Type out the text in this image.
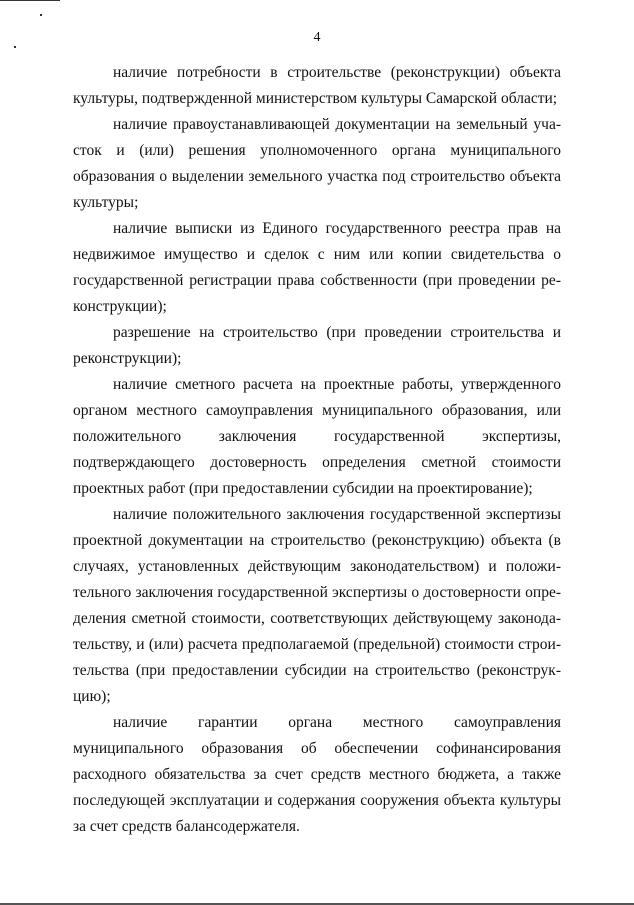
4

наличие потребности в строительстве (реконструкции) объекта культуры, подтвержденной министерством культуры Самарской области;

наличие правоустанавливающей документации на земельный участок и (или) решения уполномоченного органа муниципального образования о выделении земельного участка под строительство объекта культуры;

наличие выписки из Единого государственного реестра прав на недвижимое имущество и сделок с ним или копии свидетельства о государственной регистрации права собственности (при проведении реконструкции);

разрешение на строительство (при проведении строительства и реконструкции);

наличие сметного расчета на проектные работы, утвержденного органом местного самоуправления муниципального образования, или положительного заключения государственной экспертизы, подтверждающего достоверность определения сметной стоимости проектных работ (при предоставлении субсидии на проектирование);

наличие положительного заключения государственной экспертизы проектной документации на строительство (реконструкцию) объекта (в случаях, установленных действующим законодательством) и положительного заключения государственной экспертизы о достоверности определения сметной стоимости, соответствующих действующему законодательству, и (или) расчета предполагаемой (предельной) стоимости строительства (при предоставлении субсидии на строительство (реконструкцию);

наличие гарантии органа местного самоуправления муниципального образования об обеспечении софинансирования расходного обязательства за счет средств местного бюджета, а также последующей эксплуатации и содержания сооружения объекта культуры за счет средств балансодержателя.
